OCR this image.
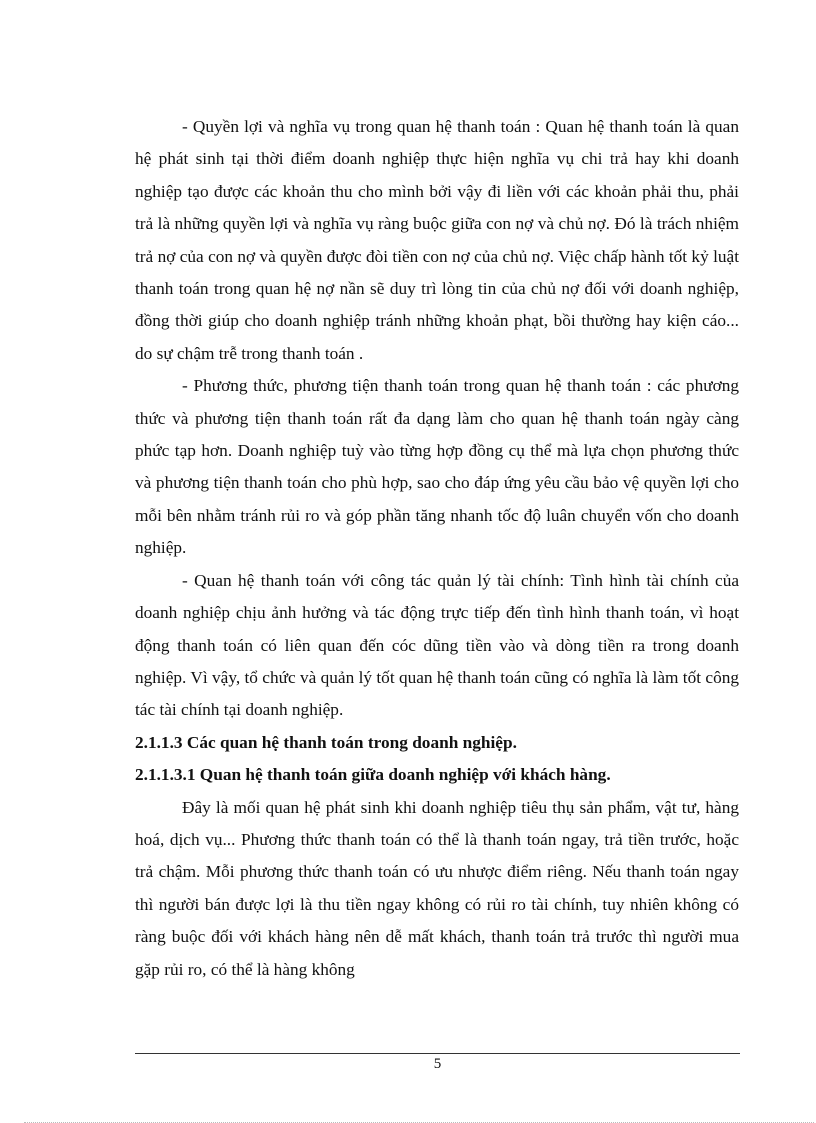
- Quyền lợi và nghĩa vụ trong quan hệ thanh toán : Quan hệ thanh toán là quan hệ phát sinh tại thời điểm doanh nghiệp thực hiện nghĩa vụ chi trả hay khi doanh nghiệp tạo được các khoản thu cho mình bởi vậy đi liền với các khoản phải thu, phải trả là những quyền lợi và nghĩa vụ ràng buộc giữa con nợ và chủ nợ. Đó là trách nhiệm trả nợ của con nợ và quyền được đòi tiền con nợ của chủ nợ. Việc chấp hành tốt kỷ luật thanh toán trong quan hệ nợ nần sẽ duy trì lòng tin của chủ nợ đối với doanh nghiệp, đồng thời giúp cho doanh nghiệp tránh những khoản phạt, bồi thường hay kiện cáo... do sự chậm trễ trong thanh toán .

- Phương thức, phương tiện thanh toán trong quan hệ thanh toán : các phương thức và phương tiện thanh toán rất đa dạng làm cho quan hệ thanh toán ngày càng phức tạp hơn. Doanh nghiệp tuỳ vào từng hợp đồng cụ thể mà lựa chọn phương thức và phương tiện thanh toán cho phù hợp, sao cho đáp ứng yêu cầu bảo vệ quyền lợi cho mỗi bên nhằm tránh rủi ro và góp phần tăng nhanh tốc độ luân chuyển vốn cho doanh nghiệp.

- Quan hệ thanh toán với công tác quản lý tài chính: Tình hình tài chính của doanh nghiệp chịu ảnh hưởng và tác động trực tiếp đến tình hình thanh toán, vì hoạt động thanh toán có liên quan đến cóc dũng tiền vào và dòng tiền ra trong doanh nghiệp. Vì vậy, tổ chức và quản lý tốt quan hệ thanh toán cũng có nghĩa là làm tốt công tác tài chính tại doanh nghiệp.

2.1.1.3 Các quan hệ thanh toán trong doanh nghiệp.

2.1.1.3.1 Quan hệ thanh toán giữa doanh nghiệp với khách hàng.

Đây là mối quan hệ phát sinh khi doanh nghiệp tiêu thụ sản phẩm, vật tư, hàng hoá, dịch vụ... Phương thức thanh toán có thể là thanh toán ngay, trả tiền trước, hoặc trả chậm. Mỗi phương thức thanh toán có ưu nhược điểm riêng. Nếu thanh toán ngay thì người bán được lợi là thu tiền ngay không có rủi ro tài chính, tuy nhiên không có ràng buộc đối với khách hàng nên dễ mất khách, thanh toán trả trước thì người mua gặp rủi ro, có thể là hàng không

5
